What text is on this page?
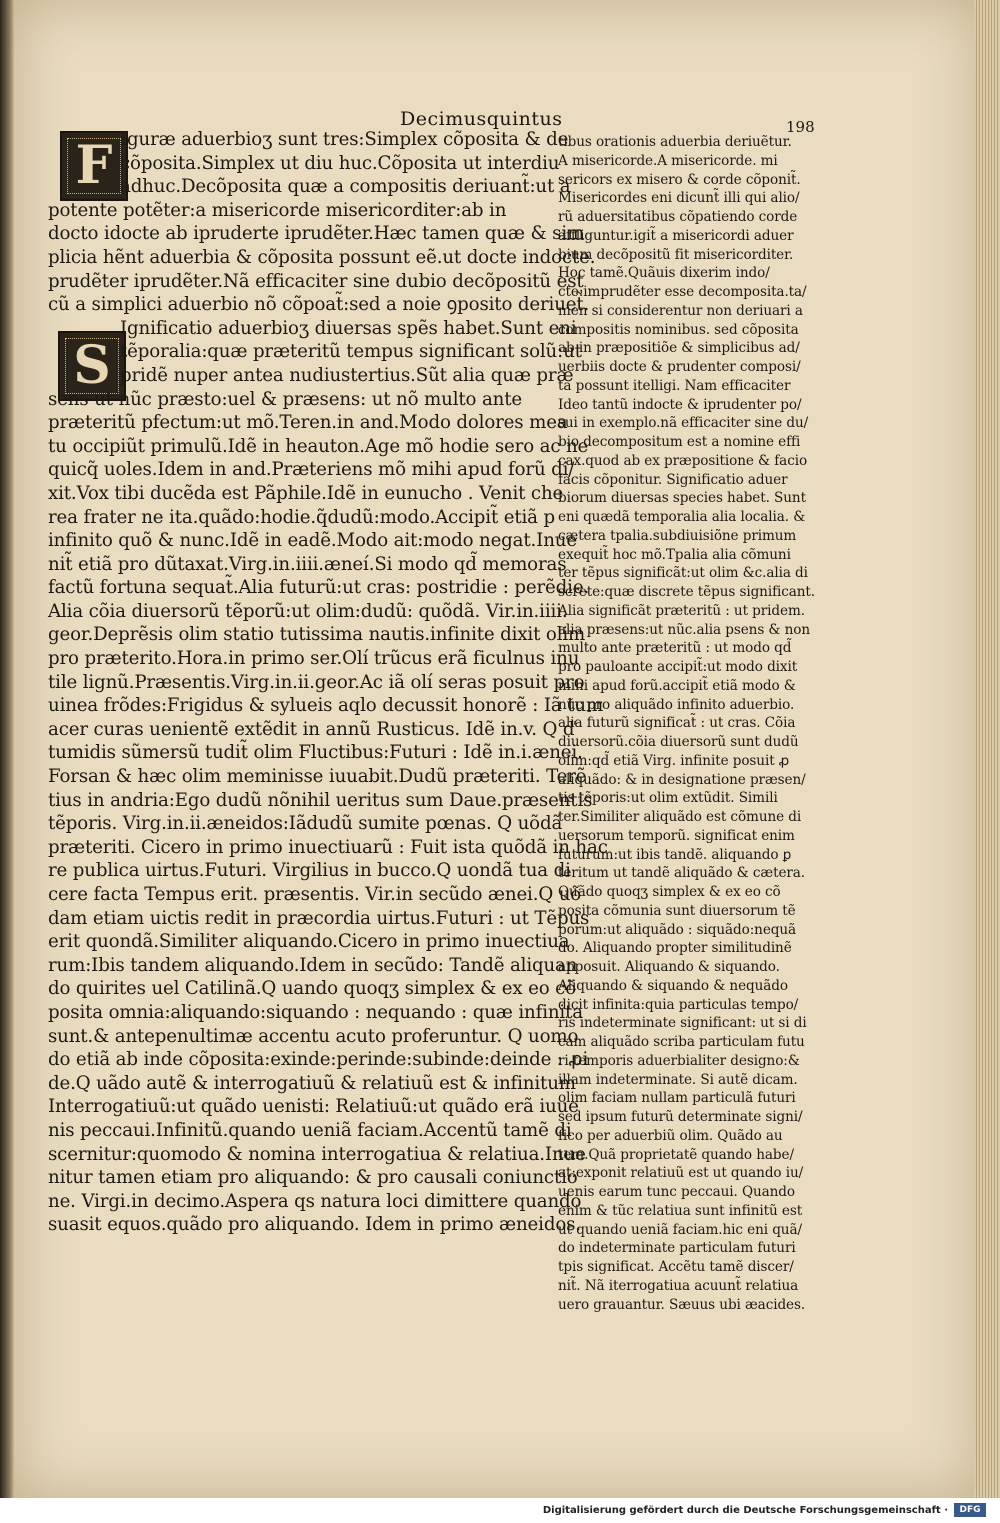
Decimusquintus	198
F
S
Iguræ aduerbioʒ sunt tres:Simplex cõposita & de
cõposita.Simplex ut diu huc.Cõposita ut interdiu
adhuc.Decõposita quæ a compositis deriuant̃:ut a
potente potẽter:a misericorde misericorditer:ab in
docto idocte ab ipruderte iprudẽter.Hæc tamen quæ & sim
plicia hẽnt aduerbia & cõposita possunt eẽ.ut docte indocte.
prudẽter iprudẽter.Nã efficaciter sine dubio decõpositũ est
cũ a simplici aduerbio nõ cõpoat̃:sed a noie ꝯposito deriuet̃.
Ignificatio aduerbioʒ diuersas spẽs habet.Sunt eni
tẽporalia:quæ præteritũ tempus significant solũ:ut
pridẽ nuper antea nudiustertius.Sũt alia quæ præ
sens ut nũc præsto:uel & præsens: ut nõ multo ante
præteritũ pfectum:ut mõ.Teren.in and.Modo dolores mea
tu occipiũt primulũ.Idẽ in heauton.Age mõ hodie sero ac ne
quicq̃ uoles.Idem in and.Præteriens mõ mihi apud forũ di/
xit.Vox tibi ducẽda est Pãphile.Idẽ in eunucho . Venit che
rea frater ne ita.quãdo:hodie.q̃dudũ:modo.Accipit̃ etiã p
infinito quõ & nunc.Idẽ in eadẽ.Modo ait:modo negat.Inue
nit̃ etiã pro dũtaxat.Virg.in.iiii.æneí.Si modo qd̃ memoras
factũ fortuna sequat̃.Alia futurũ:ut cras: postridie : perẽdie.
Alia cõia diuersorũ tẽporũ:ut olim:dudũ: quõdã. Vir.in.iiii.
geor.Deprẽsis olim statio tutissima nautis.infinite dixit olim
pro præterito.Hora.in primo ser.Olí trũcus erã ficulnus inu
tile lignũ.Præsentis.Virg.in.ii.geor.Ac iã olí seras posuit pro
uinea frõdes:Frigidus & sylueis aqlo decussit honorẽ : Iã tum
acer curas uenientẽ extẽdit in annũ Rusticus. Idẽ in.v. Q ď
tumidis sũmersũ tudit̃ olim Fluctibus:Futuri : Idẽ in.i.ænei.
Forsan & hæc olim meminisse iuuabit.Dudũ præteriti. Terẽ
tius in andria:Ego dudũ nõnihil ueritus sum Daue.præsentis
tẽporis. Virg.in.ii.æneidos:Iãdudũ sumite pœnas. Q uõdã
præteriti. Cicero in primo inuectiuarũ : Fuit ista quõdã in hac
re publica uirtus.Futuri. Virgilius in bucco.Q uondã tua di
cere facta Tempus erit. præsentis. Vir.in secũdo ænei.Q uõ
dam etiam uictis redit in præcordia uirtus.Futuri : ut Tẽpus
erit quondã.Similiter aliquando.Cicero in primo inuectiua
rum:Ibis tandem aliquando.Idem in secũdo: Tandẽ aliquan
do quirites uel Catilinã.Q uando quoqʒ simplex & ex eo cõ
posita omnia:aliquando:siquando : nequando : quæ infinita
sunt.& antepenultimæ accentu acuto proferuntur. Q uomo
do etiã ab inde cõposita:exinde:perinde:subinde:deinde : ꝓi
de.Q uãdo autẽ & interrogatiuũ & relatiuũ est & infinitum
Interrogatiuũ:ut quãdo uenisti: Relatiuũ:ut quãdo erã iuue
nis peccaui.Infinitũ.quando ueniã faciam.Accentũ tamẽ di
scernitur:quomodo & nomina interrogatiua & relatiua.Inue
nitur tamen etiam pro aliquando: & pro causali coniunctio
ne. Virgi.in decimo.Aspera qs natura loci dimittere quando
suasit equos.quãdo pro aliquando. Idem in primo æneidos.
tibus orationis aduerbia deriuẽtur.
A misericorde.A misericorde. mi
sericors ex misero & corde cõponit̃.
Misericordes eni dicunt̃ illi qui alio/
rũ aduersitatibus cõpatiendo corde
affliguntur.igit̃ a misericordi aduer
bium decõpositũ fit misericorditer.
Hoc tamẽ.Quãuis dixerim indo/
cte:imprudẽter esse decomposita.ta/
men si considerentur non deriuari a
compositis nominibus. sed cõposita
ab in præpositiõe & simplicibus ad/
uerbiis docte & prudenter composi/
ta possunt itelligi. Nam efficaciter
Ideo tantũ indocte & iprudenter po/
sui in exemplo.nã efficaciter sine du/
bio decompositum est a nomine effi
cax.quod ab ex præpositione & facio
facis cõponitur. Significatio aduer
biorum diuersas species habet. Sunt
eni quædã temporalia alia localia. &
cætera tpalia.subdiuisiõne primum
exequit̃ hoc mõ.Tpalia alia cõmuni
ter tẽpus significãt:ut olim &c.alia di
screte:quæ discrete tẽpus significant.
Alia significãt præteritũ : ut pridem.
alia præsens:ut nũc.alia psens & non
multo ante præteritũ : ut modo qd̃
pro pauloante accipit̃:ut modo dixit
mihi apud forũ.accipit̃ etiã modo &
nũc pro aliquãdo infinito aduerbio.
alia futurũ significat̃ : ut cras. Cõia
diuersorũ.cõia diuersorũ sunt dudũ
olim:qd̃ etiã Virg. infinite posuit ꝓ
aliquãdo: & in designatione præsen/
tis tẽporis:ut olim extũdit. Simili
ter.Similiter aliquãdo est cõmune di
uersorum temporũ. significat enim
futurum:ut ibis tandẽ. aliquando ꝑ
teritum ut tandẽ aliquãdo & cætera.
Quãdo quoqʒ simplex & ex eo cõ
posita cõmunia sunt diuersorum tẽ
porum:ut aliquãdo : siquãdo:nequã
do. Aliquando propter similitudinẽ
apposuit. Aliquando & siquando.
Aliquando & siquando & nequãdo
dicit infinita:quia particulas tempo/
ris indeterminate significant: ut si di
cam aliquãdo scriba particulam futu
ri temporis aduerbialiter designo:&
illam indeterminate. Si autẽ dicam.
olim faciam nullam particulã futuri
sed ipsum futurũ determinate signi/
fico per aduerbiũ olim. Quãdo au
tem.Quã proprietatẽ quando habe/
at:exponit relatiuũ est ut quando iu/
uenis earum tunc peccaui. Quando
enim & tũc relatiua sunt infinitũ est
ut quando ueniã faciam.hic eni quã/
do indeterminate particulam futuri
tpis significat. Accẽtu tamẽ discer/
nit̃. Nã iterrogatiua acuunt̃ relatiua
uero grauantur. Sæuus ubi æacides.
Digitalisierung gefördert durch die Deutsche Forschungsgemeinschaft ·	DFG
